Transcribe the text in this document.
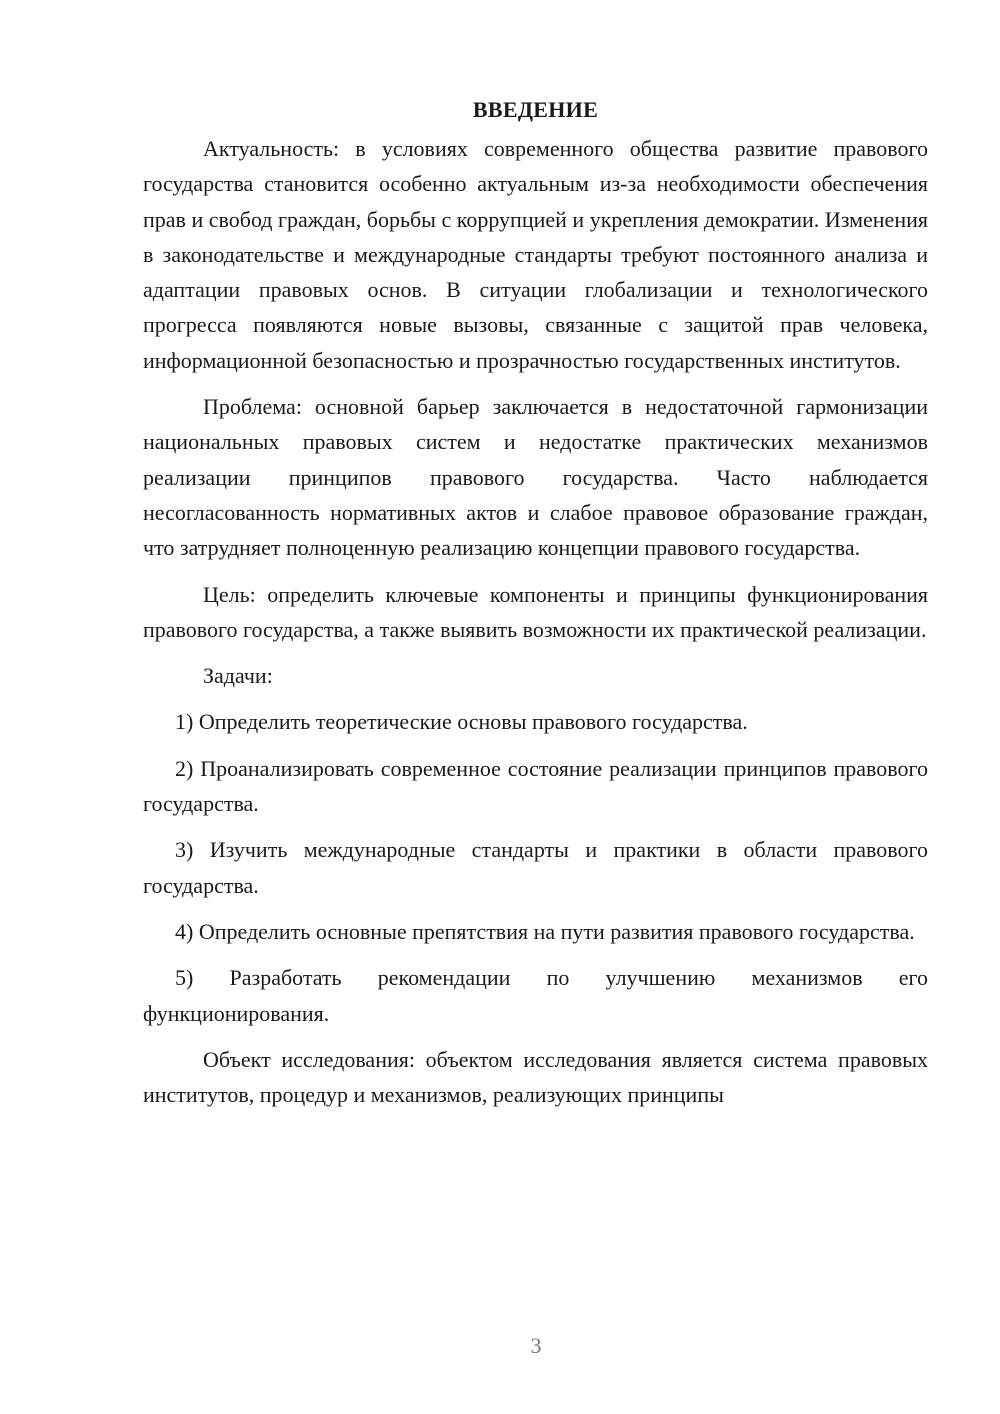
ВВЕДЕНИЕ

Актуальность: в условиях современного общества развитие правового государства становится особенно актуальным из-за необходимости обеспечения прав и свобод граждан, борьбы с коррупцией и укрепления демократии. Изменения в законодательстве и международные стандарты требуют постоянного анализа и адаптации правовых основ. В ситуации глобализации и технологического прогресса появляются новые вызовы, связанные с защитой прав человека, информационной безопасностью и прозрачностью государственных институтов.

Проблема: основной барьер заключается в недостаточной гармонизации национальных правовых систем и недостатке практических механизмов реализации принципов правового государства. Часто наблюдается несогласованность нормативных актов и слабое правовое образование граждан, что затрудняет полноценную реализацию концепции правового государства.

Цель: определить ключевые компоненты и принципы функционирования правового государства, а также выявить возможности их практической реализации.

Задачи:

1) Определить теоретические основы правового государства.

2) Проанализировать современное состояние реализации принципов правового государства.

3) Изучить международные стандарты и практики в области правового государства.

4) Определить основные препятствия на пути развития правового государства.

5) Разработать рекомендации по улучшению механизмов его функционирования.

Объект исследования: объектом исследования является система правовых институтов, процедур и механизмов, реализующих принципы

3
